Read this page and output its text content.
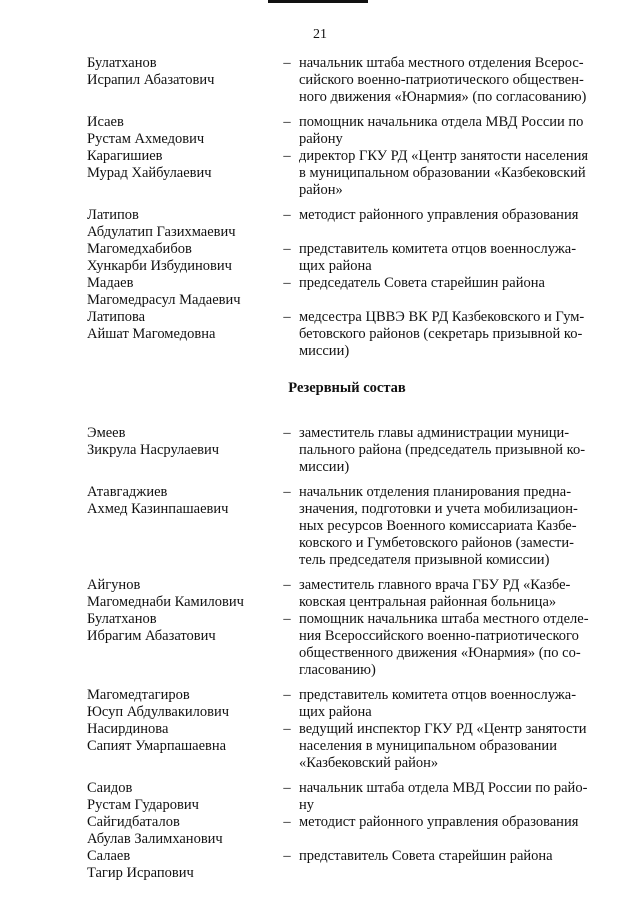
21
Булатханов
Исрапил Абазатович
– начальник штаба местного отделения Всерос-
сийского военно-патриотического обществен-
ного движения «Юнармия» (по согласованию)
Исаев
Рустам Ахмедович
– помощник начальника отдела МВД России по
району
Карагишиев
Мурад Хайбулаевич
– директор ГКУ РД «Центр занятости населения
в муниципальном образовании «Казбековский
район»
Латипов
Абдулатип Газихмаевич
– методист районного управления образования
Магомедхабибов
Хункарби Избудинович
– представитель комитета отцов военнослужа-
щих района
Мадаев
Магомедрасул Мадаевич
– председатель Совета старейшин района
Латипова
Айшат Магомедовна
– медсестра ЦВВЭ ВК РД Казбековского и Гум-
бетовского районов (секретарь призывной ко-
миссии)
Резервный состав
Эмеев
Зикрула Насрулаевич
– заместитель главы администрации муници-
пального района (председатель призывной ко-
миссии)
Атавгаджиев
Ахмед Казинпашаевич
– начальник отделения планирования предна-
значения, подготовки и учета мобилизацион-
ных ресурсов Военного комиссариата Казбе-
ковского и Гумбетовского районов (замести-
тель председателя призывной комиссии)
Айгунов
Магомеднаби Камилович
– заместитель главного врача ГБУ РД «Казбе-
ковская центральная районная больница»
Булатханов
Ибрагим Абазатович
– помощник начальника штаба местного отделе-
ния Всероссийского военно-патриотического
общественного движения «Юнармия» (по со-
гласованию)
Магомедтагиров
Юсуп Абдулвакилович
– представитель комитета отцов военнослужа-
щих района
Насирдинова
Сапият Умарпашаевна
– ведущий инспектор ГКУ РД «Центр занятости
населения в муниципальном образовании
«Казбековский район»
Саидов
Рустам Гударович
– начальник штаба отдела МВД России по райо-
ну
Сайгидбаталов
Абулав Залимханович
– методист районного управления образования
Салаев
Тагир Исрапович
– представитель Совета старейшин района
